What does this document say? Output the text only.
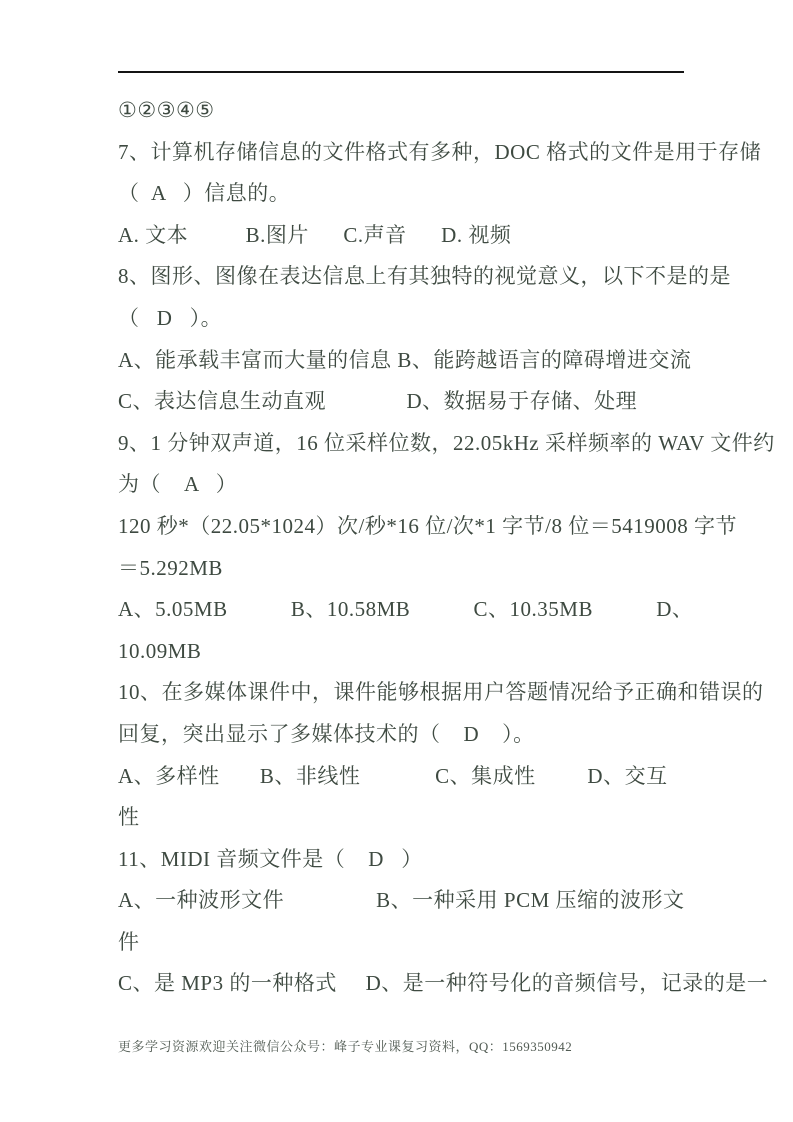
①②③④⑤
7、计算机存储信息的文件格式有多种，DOC 格式的文件是用于存储
（  A   ）信息的。
A. 文本          B.图片      C.声音      D. 视频
8、图形、图像在表达信息上有其独特的视觉意义，以下不是的是
（   D   ）。
A、能承载丰富而大量的信息 B、能跨越语言的障碍增进交流
C、表达信息生动直观              D、数据易于存储、处理
9、1 分钟双声道，16 位采样位数，22.05kHz 采样频率的 WAV 文件约
为（    A   ）
120 秒*（22.05*1024）次/秒*16 位/次*1 字节/8 位＝5419008 字节
＝5.292MB
A、5.05MB           B、10.58MB           C、10.35MB           D、
10.09MB
10、在多媒体课件中，课件能够根据用户答题情况给予正确和错误的
回复，突出显示了多媒体技术的（    D    ）。
A、多样性       B、非线性             C、集成性         D、交互
性
11、MIDI 音频文件是（    D   ）
A、一种波形文件                B、一种采用 PCM 压缩的波形文
件
C、是 MP3 的一种格式     D、是一种符号化的音频信号，记录的是一
更多学习资源欢迎关注微信公众号：峰子专业课复习资料，QQ：1569350942
